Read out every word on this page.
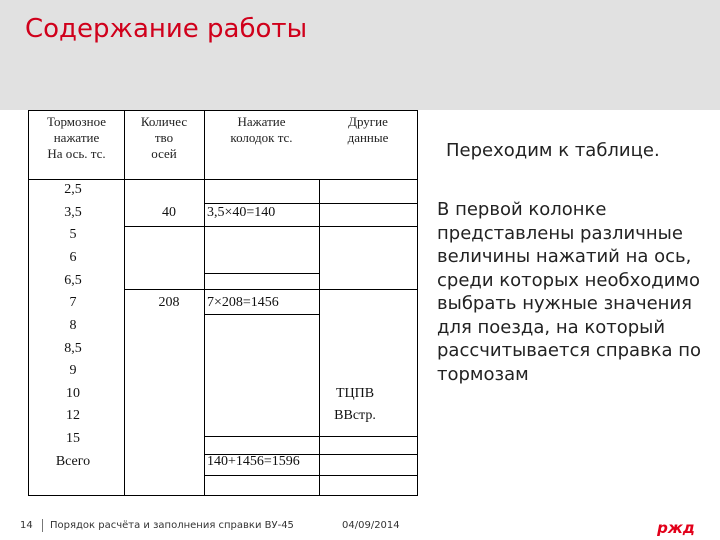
Содержание работы
Тормозное
нажатие
На ось. тс.
Количес
тво
осей
Нажатие
колодок тс.
Другие
данные
2,5
3,5
5
6
6,5
7
8
8,5
9
10
12
15
Всего
40
208
3,5×40=140
7×208=1456
140+1456=1596
ТЦПВ
ВВстр.
Переходим к таблице.
В первой колонке представлены различные величины нажатий на ось, среди которых необходимо выбрать нужные значения для поезда, на который рассчитывается справка по тормозам
14 Порядок расчёта и заполнения справки ВУ-45	04/09/2014	ржд
